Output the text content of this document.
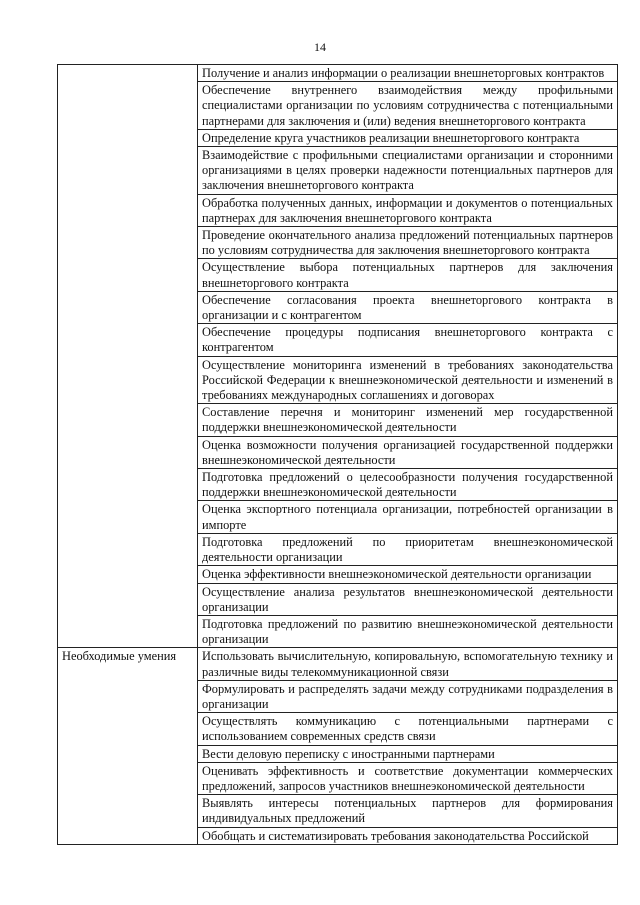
14
	Получение и анализ информации о реализации внешнеторговых контрактов
	Обеспечение внутреннего взаимодействия между профильными специалистами организации по условиям сотрудничества с потенциальными партнерами для заключения и (или) ведения внешнеторгового контракта
	Определение круга участников реализации внешнеторгового контракта
	Взаимодействие с профильными специалистами организации и сторонними организациями в целях проверки надежности потенциальных партнеров для заключения внешнеторгового контракта
	Обработка полученных данных, информации и документов о потенциальных партнерах для заключения внешнеторгового контракта
	Проведение окончательного анализа предложений потенциальных партнеров по условиям сотрудничества для заключения внешнеторгового контракта
	Осуществление выбора потенциальных партнеров для заключения внешнеторгового контракта
	Обеспечение согласования проекта внешнеторгового контракта в организации и с контрагентом
	Обеспечение процедуры подписания внешнеторгового контракта с контрагентом
	Осуществление мониторинга изменений в требованиях законодательства Российской Федерации к внешнеэкономической деятельности и изменений в требованиях международных соглашениях и договорах
	Составление перечня и мониторинг изменений мер государственной поддержки внешнеэкономической деятельности
	Оценка возможности получения организацией государственной поддержки внешнеэкономической деятельности
	Подготовка предложений о целесообразности получения государственной поддержки внешнеэкономической деятельности
	Оценка экспортного потенциала организации, потребностей организации в импорте
	Подготовка предложений по приоритетам внешнеэкономической деятельности организации
	Оценка эффективности внешнеэкономической деятельности организации
	Осуществление анализа результатов внешнеэкономической деятельности организации
	Подготовка предложений по развитию внешнеэкономической деятельности организации
Необходимые умения	Использовать вычислительную, копировальную, вспомогательную технику и различные виды телекоммуникационной связи
	Формулировать и распределять задачи между сотрудниками подразделения в организации
	Осуществлять коммуникацию с потенциальными партнерами с использованием современных средств связи
	Вести деловую переписку с иностранными партнерами
	Оценивать эффективность и соответствие документации коммерческих предложений, запросов участников внешнеэкономической деятельности
	Выявлять интересы потенциальных партнеров для формирования индивидуальных предложений
	Обобщать и систематизировать требования законодательства Российской
